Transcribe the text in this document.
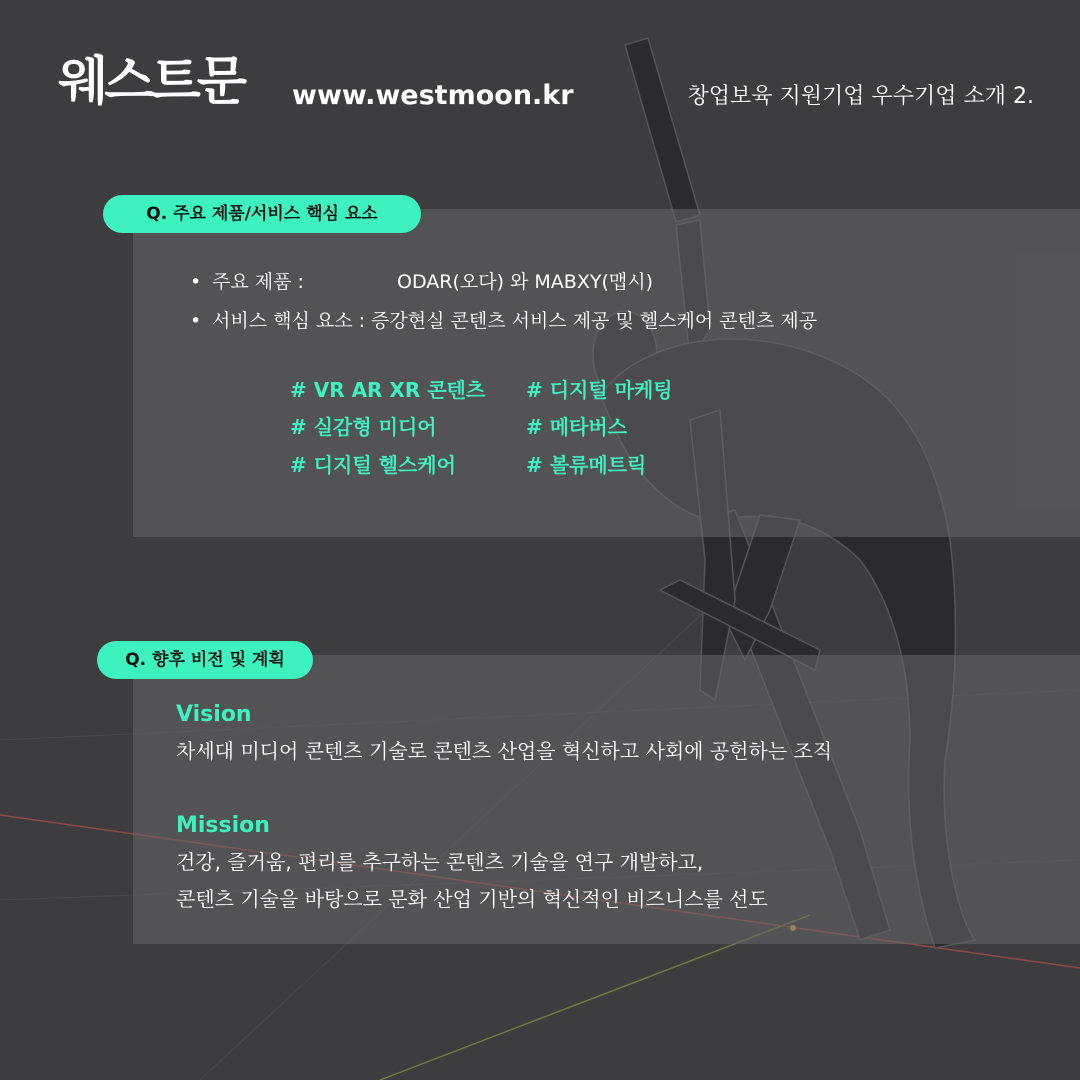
웨스트문 www.westmoon.kr	창업보육 지원기업 우수기업 소개 2.
Q. 주요 제품/서비스 핵심 요소
• 주요 제품 :	ODAR(오다) 와 MABXY(맵시)
• 서비스 핵심 요소 : 증강현실 콘텐츠 서비스 제공 및 헬스케어 콘텐츠 제공
# VR AR XR 콘텐츠 # 디지털 마케팅
# 실감형 미디어	# 메타버스
# 디지털 헬스케어	# 볼류메트릭
Q. 향후 비전 및 계획
Vision
차세대 미디어 콘텐츠 기술로 콘텐츠 산업을 혁신하고 사회에 공헌하는 조직
Mission
건강, 즐거움, 편리를 추구하는 콘텐츠 기술을 연구 개발하고,
콘텐츠 기술을 바탕으로 문화 산업 기반의 혁신적인 비즈니스를 선도
